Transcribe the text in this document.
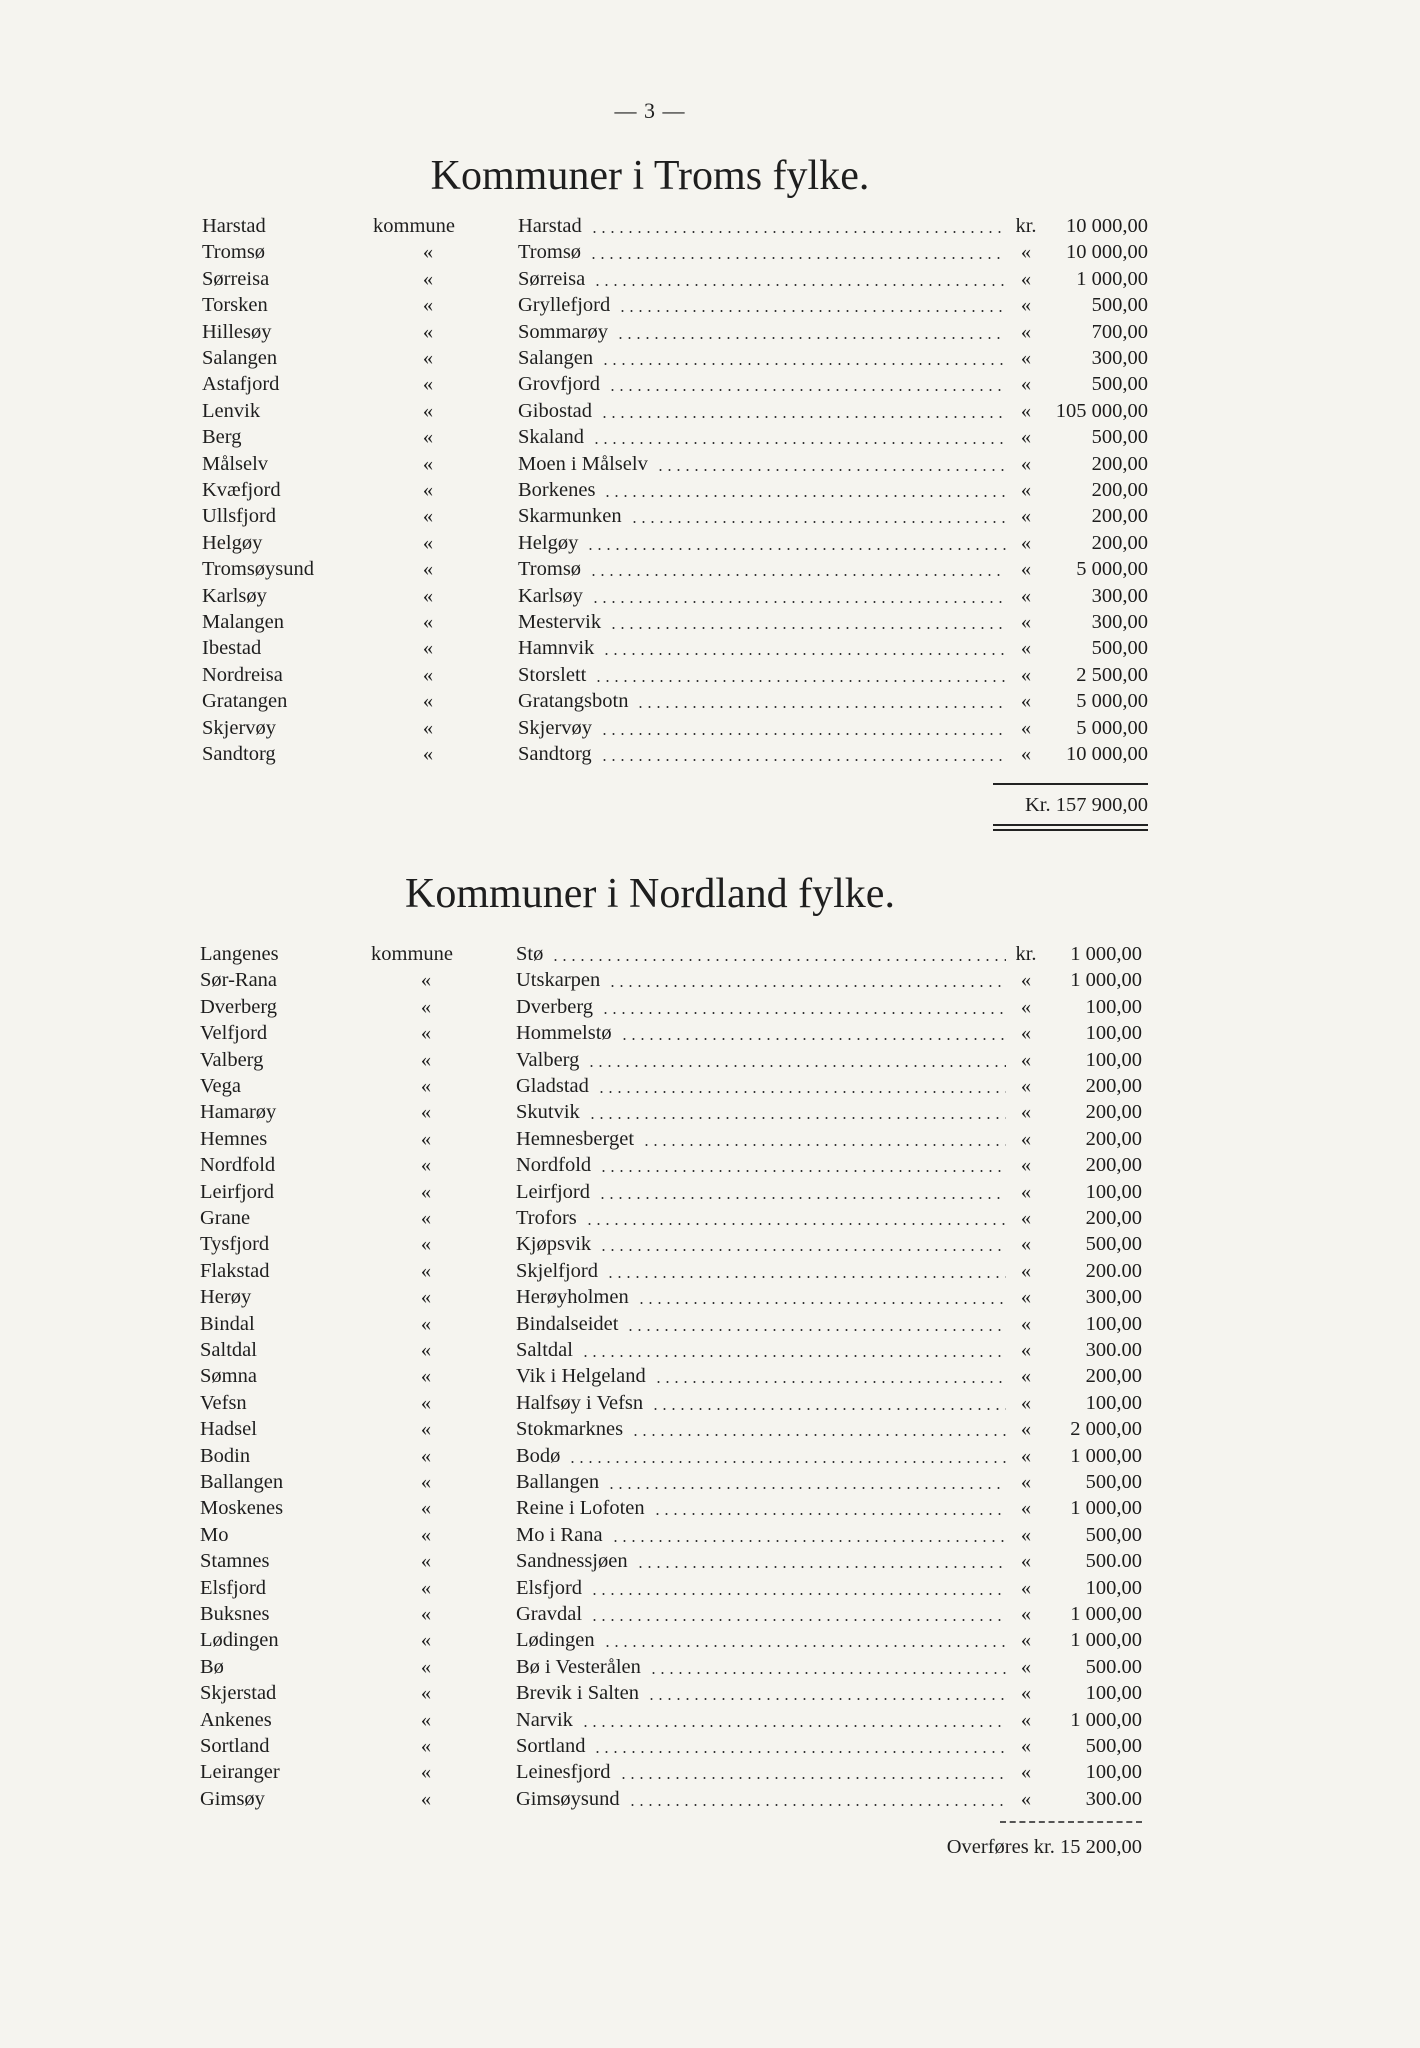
— 3 —
Kommuner i Troms fylke.
Harstad	kommune	Harstad	kr. 10 000,00
Tromsø	«	Tromsø	«	10 000,00
Sørreisa	«	Sørreisa	«	1 000,00
Torsken	«	Gryllefjord	«	500,00
Hillesøy	«	Sommarøy	«	700,00
Salangen	«	Salangen	«	300,00
Astafjord	«	Grovfjord	«	500,00
Lenvik	«	Gibostad	«	105 000,00
Berg	«	Skaland	«	500,00
Målselv	«	Moen i Målselv	«	200,00
Kvæfjord	«	Borkenes	«	200,00
Ullsfjord	«	Skarmunken	«	200,00
Helgøy	«	Helgøy	«	200,00
Tromsøysund	«	Tromsø	«	5 000,00
Karlsøy	«	Karlsøy	«	300,00
Malangen	«	Mestervik	«	300,00
Ibestad	«	Hamnvik	«	500,00
Nordreisa	«	Storslett	«	2 500,00
Gratangen	«	Gratangsbotn	«	5 000,00
Skjervøy	«	Skjervøy	«	5 000,00
Sandtorg	«	Sandtorg	«	10 000,00
Kr. 157 900,00
Kommuner i Nordland fylke.
Langenes	kommune	Stø	kr. 1 000,00
Sør-Rana	«	Utskarpen	«	1 000,00
Dverberg	«	Dverberg	«	100,00
Velfjord	«	Hommelstø	«	100,00
Valberg	«	Valberg	«	100,00
Vega	«	Gladstad	«	200,00
Hamarøy	«	Skutvik	«	200,00
Hemnes	«	Hemnesberget	«	200,00
Nordfold	«	Nordfold	«	200,00
Leirfjord	«	Leirfjord	«	100,00
Grane	«	Trofors	«	200,00
Tysfjord	«	Kjøpsvik	«	500,00
Flakstad	«	Skjelfjord	«	200.00
Herøy	«	Herøyholmen	«	300,00
Bindal	«	Bindalseidet	«	100,00
Saltdal	«	Saltdal	«	300.00
Sømna	«	Vik i Helgeland	«	200,00
Vefsn	«	Halfsøy i Vefsn	«	100,00
Hadsel	«	Stokmarknes	«	2 000,00
Bodin	«	Bodø	«	1 000,00
Ballangen	«	Ballangen	«	500,00
Moskenes	«	Reine i Lofoten	«	1 000,00
Mo	«	Mo i Rana	«	500,00
Stamnes	«	Sandnessjøen	«	500.00
Elsfjord	«	Elsfjord	«	100,00
Buksnes	«	Gravdal	«	1 000,00
Lødingen	«	Lødingen	«	1 000,00
Bø	«	Bø i Vesterålen	«	500.00
Skjerstad	«	Brevik i Salten	«	100,00
Ankenes	«	Narvik	«	1 000,00
Sortland	«	Sortland	«	500,00
Leiranger	«	Leinesfjord	«	100,00
Gimsøy	«	Gimsøysund	«	300.00
Overføres kr. 15 200,00
